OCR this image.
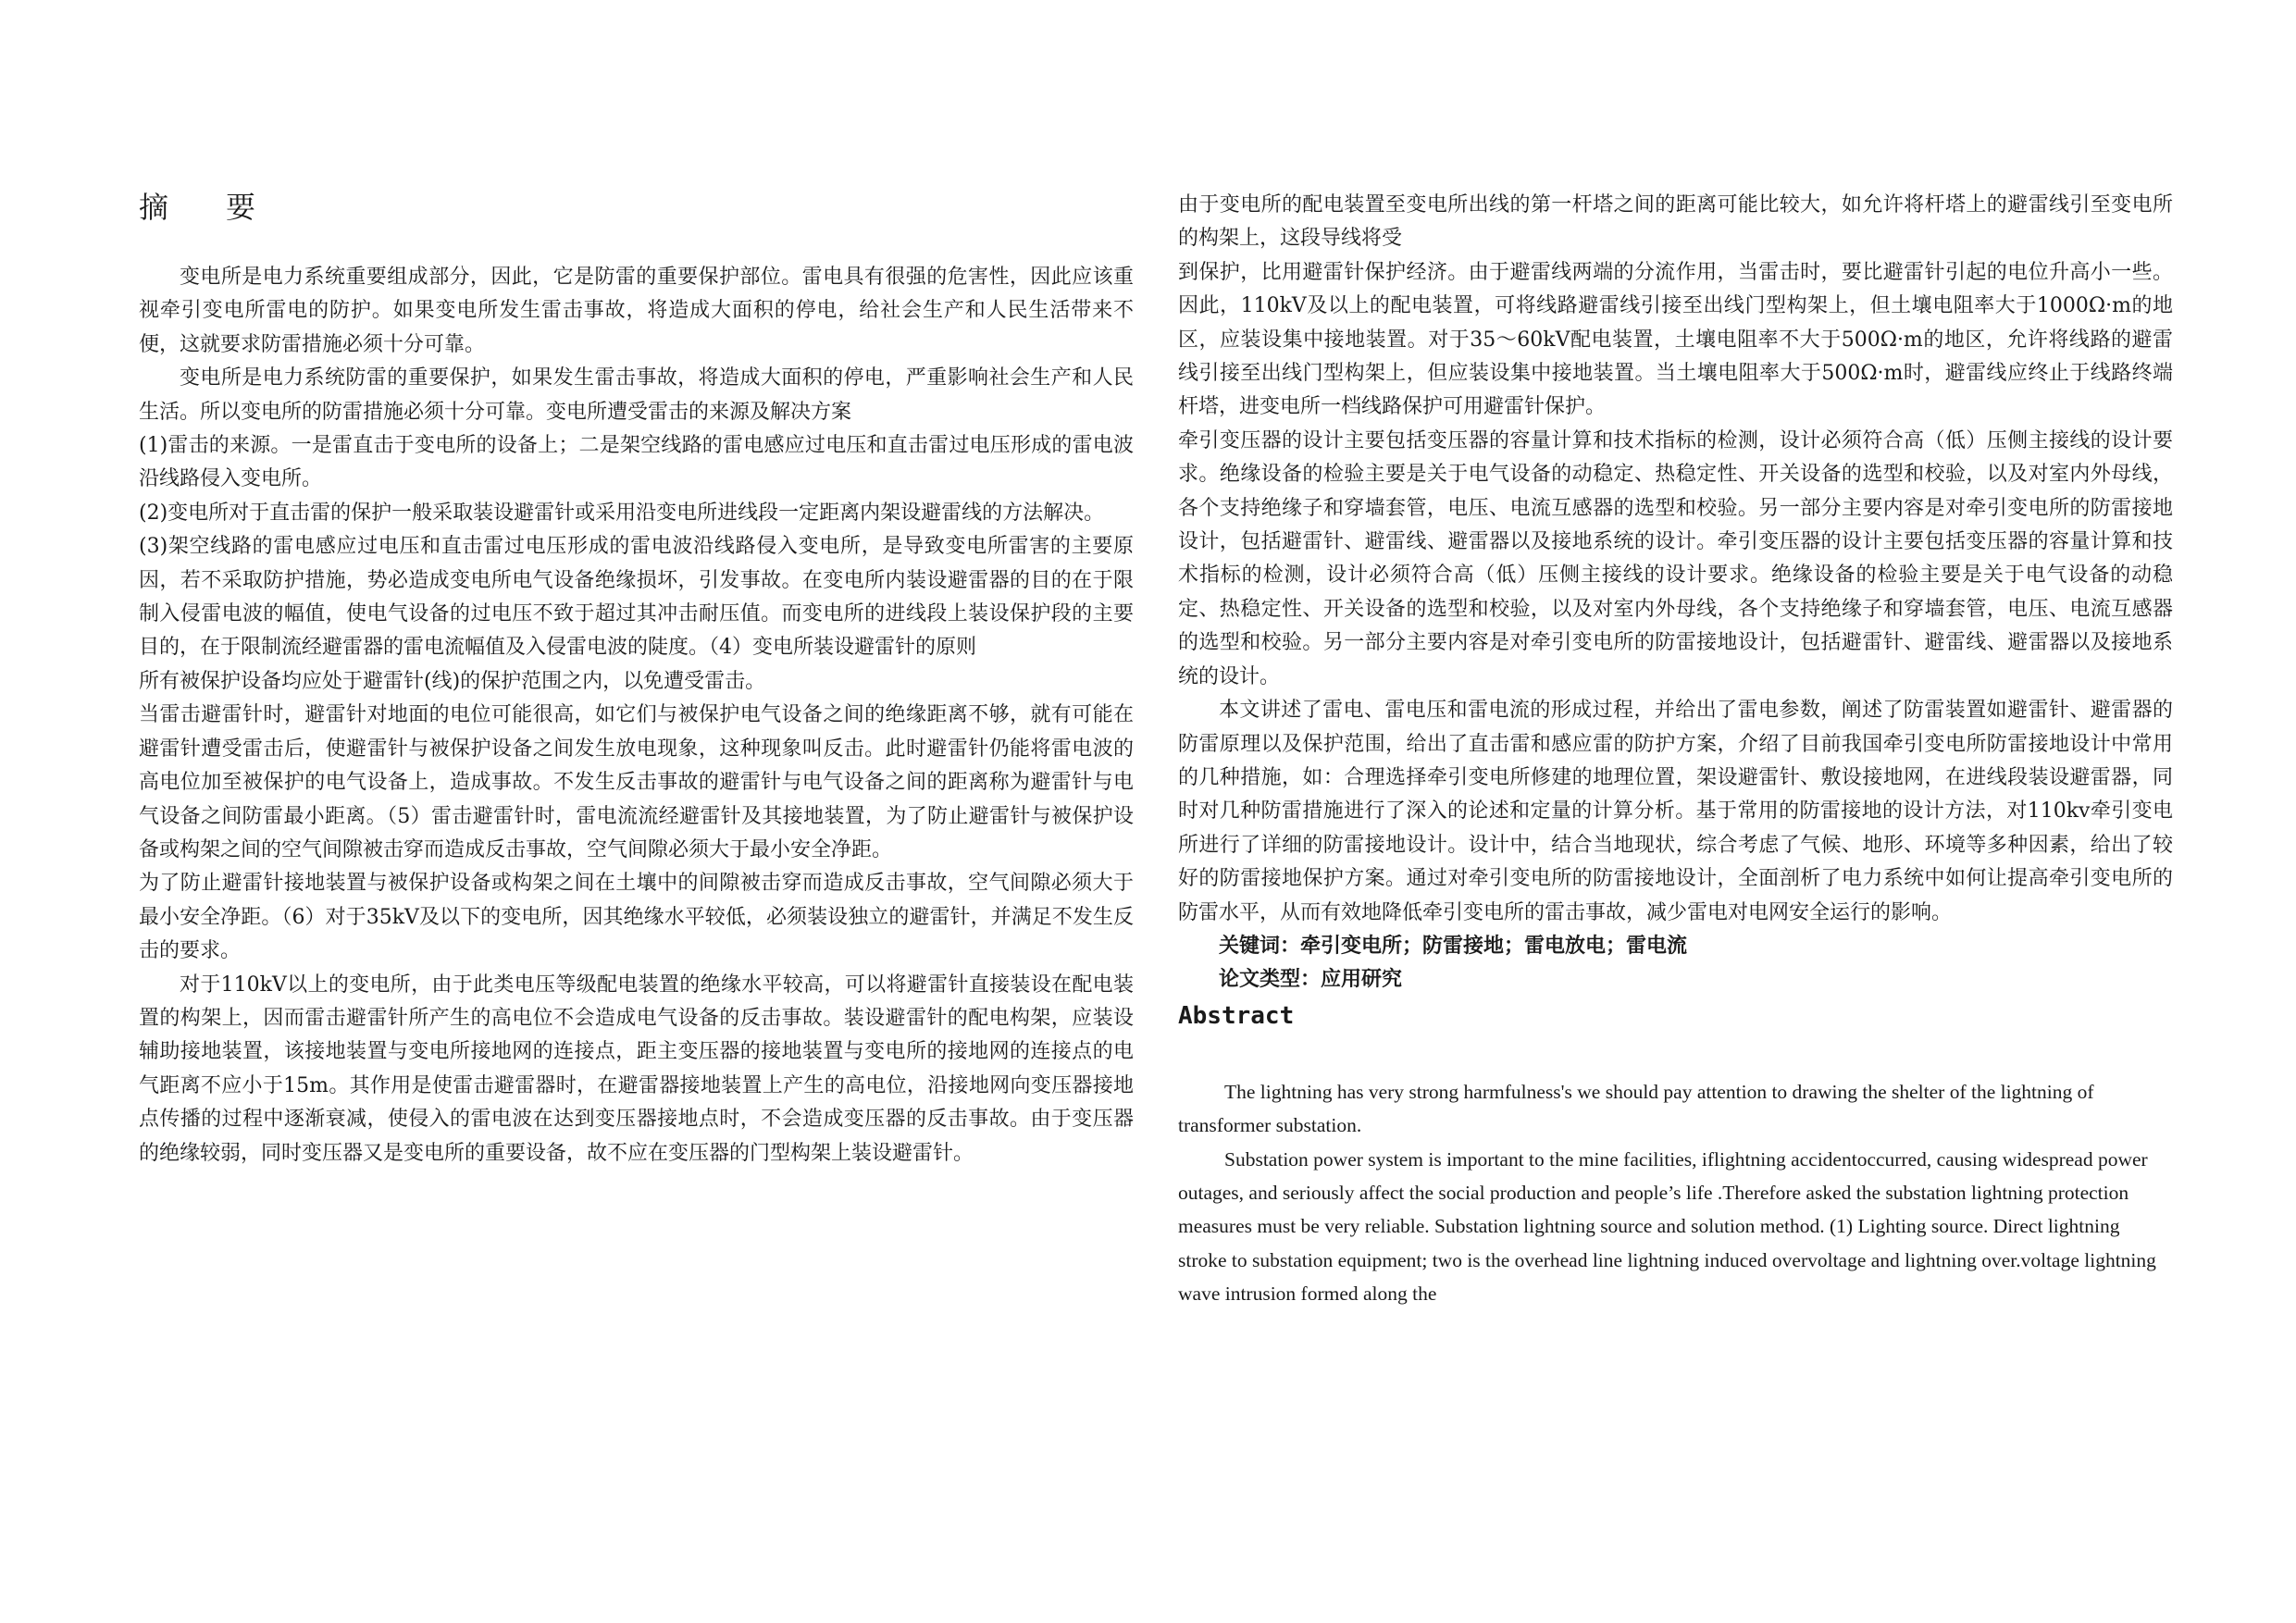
摘 要

变电所是电力系统重要组成部分，因此，它是防雷的重要保护部位。雷电具有很强的危害性，因此应该重视牵引变电所雷电的防护。如果变电所发生雷击事故，将造成大面积的停电，给社会生产和人民生活带来不便，这就要求防雷措施必须十分可靠。

变电所是电力系统防雷的重要保护，如果发生雷击事故，将造成大面积的停电，严重影响社会生产和人民生活。所以变电所的防雷措施必须十分可靠。变电所遭受雷击的来源及解决方案

(1)雷击的来源。一是雷直击于变电所的设备上；二是架空线路的雷电感应过电压和直击雷过电压形成的雷电波沿线路侵入变电所。

(2)变电所对于直击雷的保护一般采取装设避雷针或采用沿变电所进线段一定距离内架设避雷线的方法解决。

(3)架空线路的雷电感应过电压和直击雷过电压形成的雷电波沿线路侵入变电所，是导致变电所雷害的主要原因，若不采取防护措施，势必造成变电所电气设备绝缘损坏，引发事故。在变电所内装设避雷器的目的在于限制入侵雷电波的幅值，使电气设备的过电压不致于超过其冲击耐压值。而变电所的进线段上装设保护段的主要目的，在于限制流经避雷器的雷电流幅值及入侵雷电波的陡度。（4）变电所装设避雷针的原则

所有被保护设备均应处于避雷针(线)的保护范围之内，以免遭受雷击。

当雷击避雷针时，避雷针对地面的电位可能很高，如它们与被保护电气设备之间的绝缘距离不够，就有可能在避雷针遭受雷击后，使避雷针与被保护设备之间发生放电现象，这种现象叫反击。此时避雷针仍能将雷电波的高电位加至被保护的电气设备上，造成事故。不发生反击事故的避雷针与电气设备之间的距离称为避雷针与电气设备之间防雷最小距离。（5）雷击避雷针时，雷电流流经避雷针及其接地装置，为了防止避雷针与被保护设备或构架之间的空气间隙被击穿而造成反击事故，空气间隙必须大于最小安全净距。

为了防止避雷针接地装置与被保护设备或构架之间在土壤中的间隙被击穿而造成反击事故，空气间隙必须大于最小安全净距。（6）对于35kV及以下的变电所，因其绝缘水平较低，必须装设独立的避雷针，并满足不发生反击的要求。

对于110kV以上的变电所，由于此类电压等级配电装置的绝缘水平较高，可以将避雷针直接装设在配电装置的构架上，因而雷击避雷针所产生的高电位不会造成电气设备的反击事故。装设避雷针的配电构架，应装设辅助接地装置，该接地装置与变电所接地网的连接点，距主变压器的接地装置与变电所的接地网的连接点的电气距离不应小于15m。其作用是使雷击避雷器时，在避雷器接地装置上产生的高电位，沿接地网向变压器接地点传播的过程中逐渐衰减，使侵入的雷电波在达到变压器接地点时，不会造成变压器的反击事故。由于变压器的绝缘较弱，同时变压器又是变电所的重要设备，故不应在变压器的门型构架上装设避雷针。

由于变电所的配电装置至变电所出线的第一杆塔之间的距离可能比较大，如允许将杆塔上的避雷线引至变电所的构架上，这段导线将受

到保护，比用避雷针保护经济。由于避雷线两端的分流作用，当雷击时，要比避雷针引起的电位升高小一些。因此，110kV及以上的配电装置，可将线路避雷线引接至出线门型构架上，但土壤电阻率大于1000Ω·m的地区，应装设集中接地装置。对于35～60kV配电装置，土壤电阻率不大于500Ω·m的地区，允许将线路的避雷线引接至出线门型构架上，但应装设集中接地装置。当土壤电阻率大于500Ω·m时，避雷线应终止于线路终端杆塔，进变电所一档线路保护可用避雷针保护。

牵引变压器的设计主要包括变压器的容量计算和技术指标的检测，设计必须符合高（低）压侧主接线的设计要求。绝缘设备的检验主要是关于电气设备的动稳定、热稳定性、开关设备的选型和校验，以及对室内外母线，各个支持绝缘子和穿墙套管，电压、电流互感器的选型和校验。另一部分主要内容是对牵引变电所的防雷接地设计，包括避雷针、避雷线、避雷器以及接地系统的设计。牵引变压器的设计主要包括变压器的容量计算和技术指标的检测，设计必须符合高（低）压侧主接线的设计要求。绝缘设备的检验主要是关于电气设备的动稳定、热稳定性、开关设备的选型和校验，以及对室内外母线，各个支持绝缘子和穿墙套管，电压、电流互感器的选型和校验。另一部分主要内容是对牵引变电所的防雷接地设计，包括避雷针、避雷线、避雷器以及接地系统的设计。

本文讲述了雷电、雷电压和雷电流的形成过程，并给出了雷电参数，阐述了防雷装置如避雷针、避雷器的防雷原理以及保护范围，给出了直击雷和感应雷的防护方案，介绍了目前我国牵引变电所防雷接地设计中常用的几种措施，如：合理选择牵引变电所修建的地理位置，架设避雷针、敷设接地网，在进线段装设避雷器，同时对几种防雷措施进行了深入的论述和定量的计算分析。基于常用的防雷接地的设计方法，对110kv牵引变电所进行了详细的防雷接地设计。设计中，结合当地现状，综合考虑了气候、地形、环境等多种因素，给出了较好的防雷接地保护方案。通过对牵引变电所的防雷接地设计，全面剖析了电力系统中如何让提高牵引变电所的防雷水平，从而有效地降低牵引变电所的雷击事故，减少雷电对电网安全运行的影响。

关键词：牵引变电所；防雷接地；雷电放电；雷电流

论文类型：应用研究

Abstract

The lightning has very strong harmfulness's we should pay attention to drawing the shelter of the lightning of transformer substation.

Substation power system is important to the mine facilities, iflightning accidentoccurred, causing widespread power outages, and seriously affect the social production and people’s life .Therefore asked the substation lightning protection measures must be very reliable. Substation lightning source and solution method. (1) Lighting source. Direct lightning stroke to substation equipment; two is the overhead line lightning induced overvoltage and lightning over.voltage lightning wave intrusion formed along the
